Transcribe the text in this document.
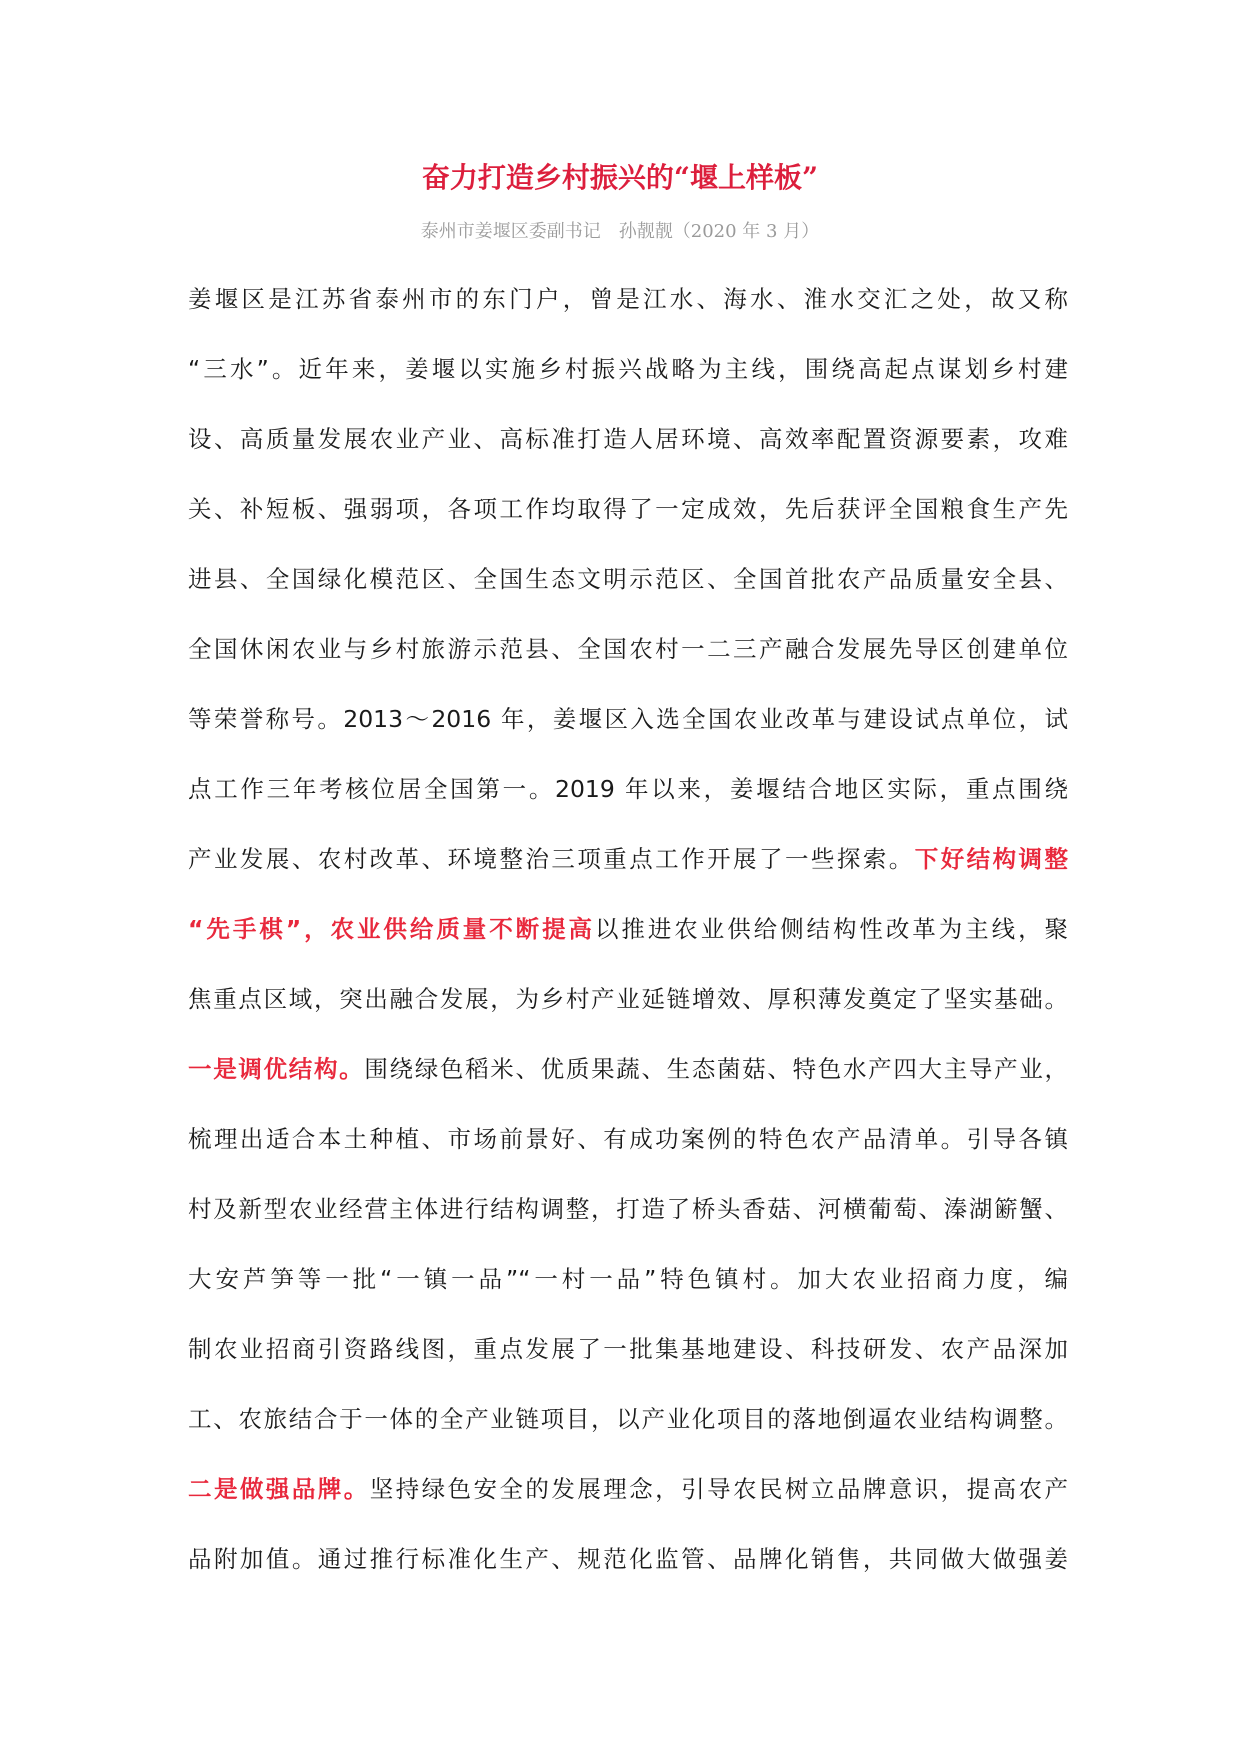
奋力打造乡村振兴的“堰上样板”
泰州市姜堰区委副书记　孙靓靓（2020 年 3 月）
姜堰区是江苏省泰州市的东门户，曾是江水、海水、淮水交汇之处，故又称
“三水”。近年来，姜堰以实施乡村振兴战略为主线，围绕高起点谋划乡村建
设、高质量发展农业产业、高标准打造人居环境、高效率配置资源要素，攻难
关、补短板、强弱项，各项工作均取得了一定成效，先后获评全国粮食生产先
进县、全国绿化模范区、全国生态文明示范区、全国首批农产品质量安全县、
全国休闲农业与乡村旅游示范县、全国农村一二三产融合发展先导区创建单位
等荣誉称号。2013～2016 年，姜堰区入选全国农业改革与建设试点单位，试
点工作三年考核位居全国第一。2019 年以来，姜堰结合地区实际，重点围绕
产业发展、农村改革、环境整治三项重点工作开展了一些探索。下好结构调整
“先手棋”，农业供给质量不断提高以推进农业供给侧结构性改革为主线，聚
焦重点区域，突出融合发展，为乡村产业延链增效、厚积薄发奠定了坚实基础。
一是调优结构。围绕绿色稻米、优质果蔬、生态菌菇、特色水产四大主导产业，
梳理出适合本土种植、市场前景好、有成功案例的特色农产品清单。引导各镇
村及新型农业经营主体进行结构调整，打造了桥头香菇、河横葡萄、溱湖簖蟹、
大安芦笋等一批“一镇一品”“一村一品”特色镇村。加大农业招商力度，编
制农业招商引资路线图，重点发展了一批集基地建设、科技研发、农产品深加
工、农旅结合于一体的全产业链项目，以产业化项目的落地倒逼农业结构调整。
二是做强品牌。坚持绿色安全的发展理念，引导农民树立品牌意识，提高农产
品附加值。通过推行标准化生产、规范化监管、品牌化销售，共同做大做强姜
